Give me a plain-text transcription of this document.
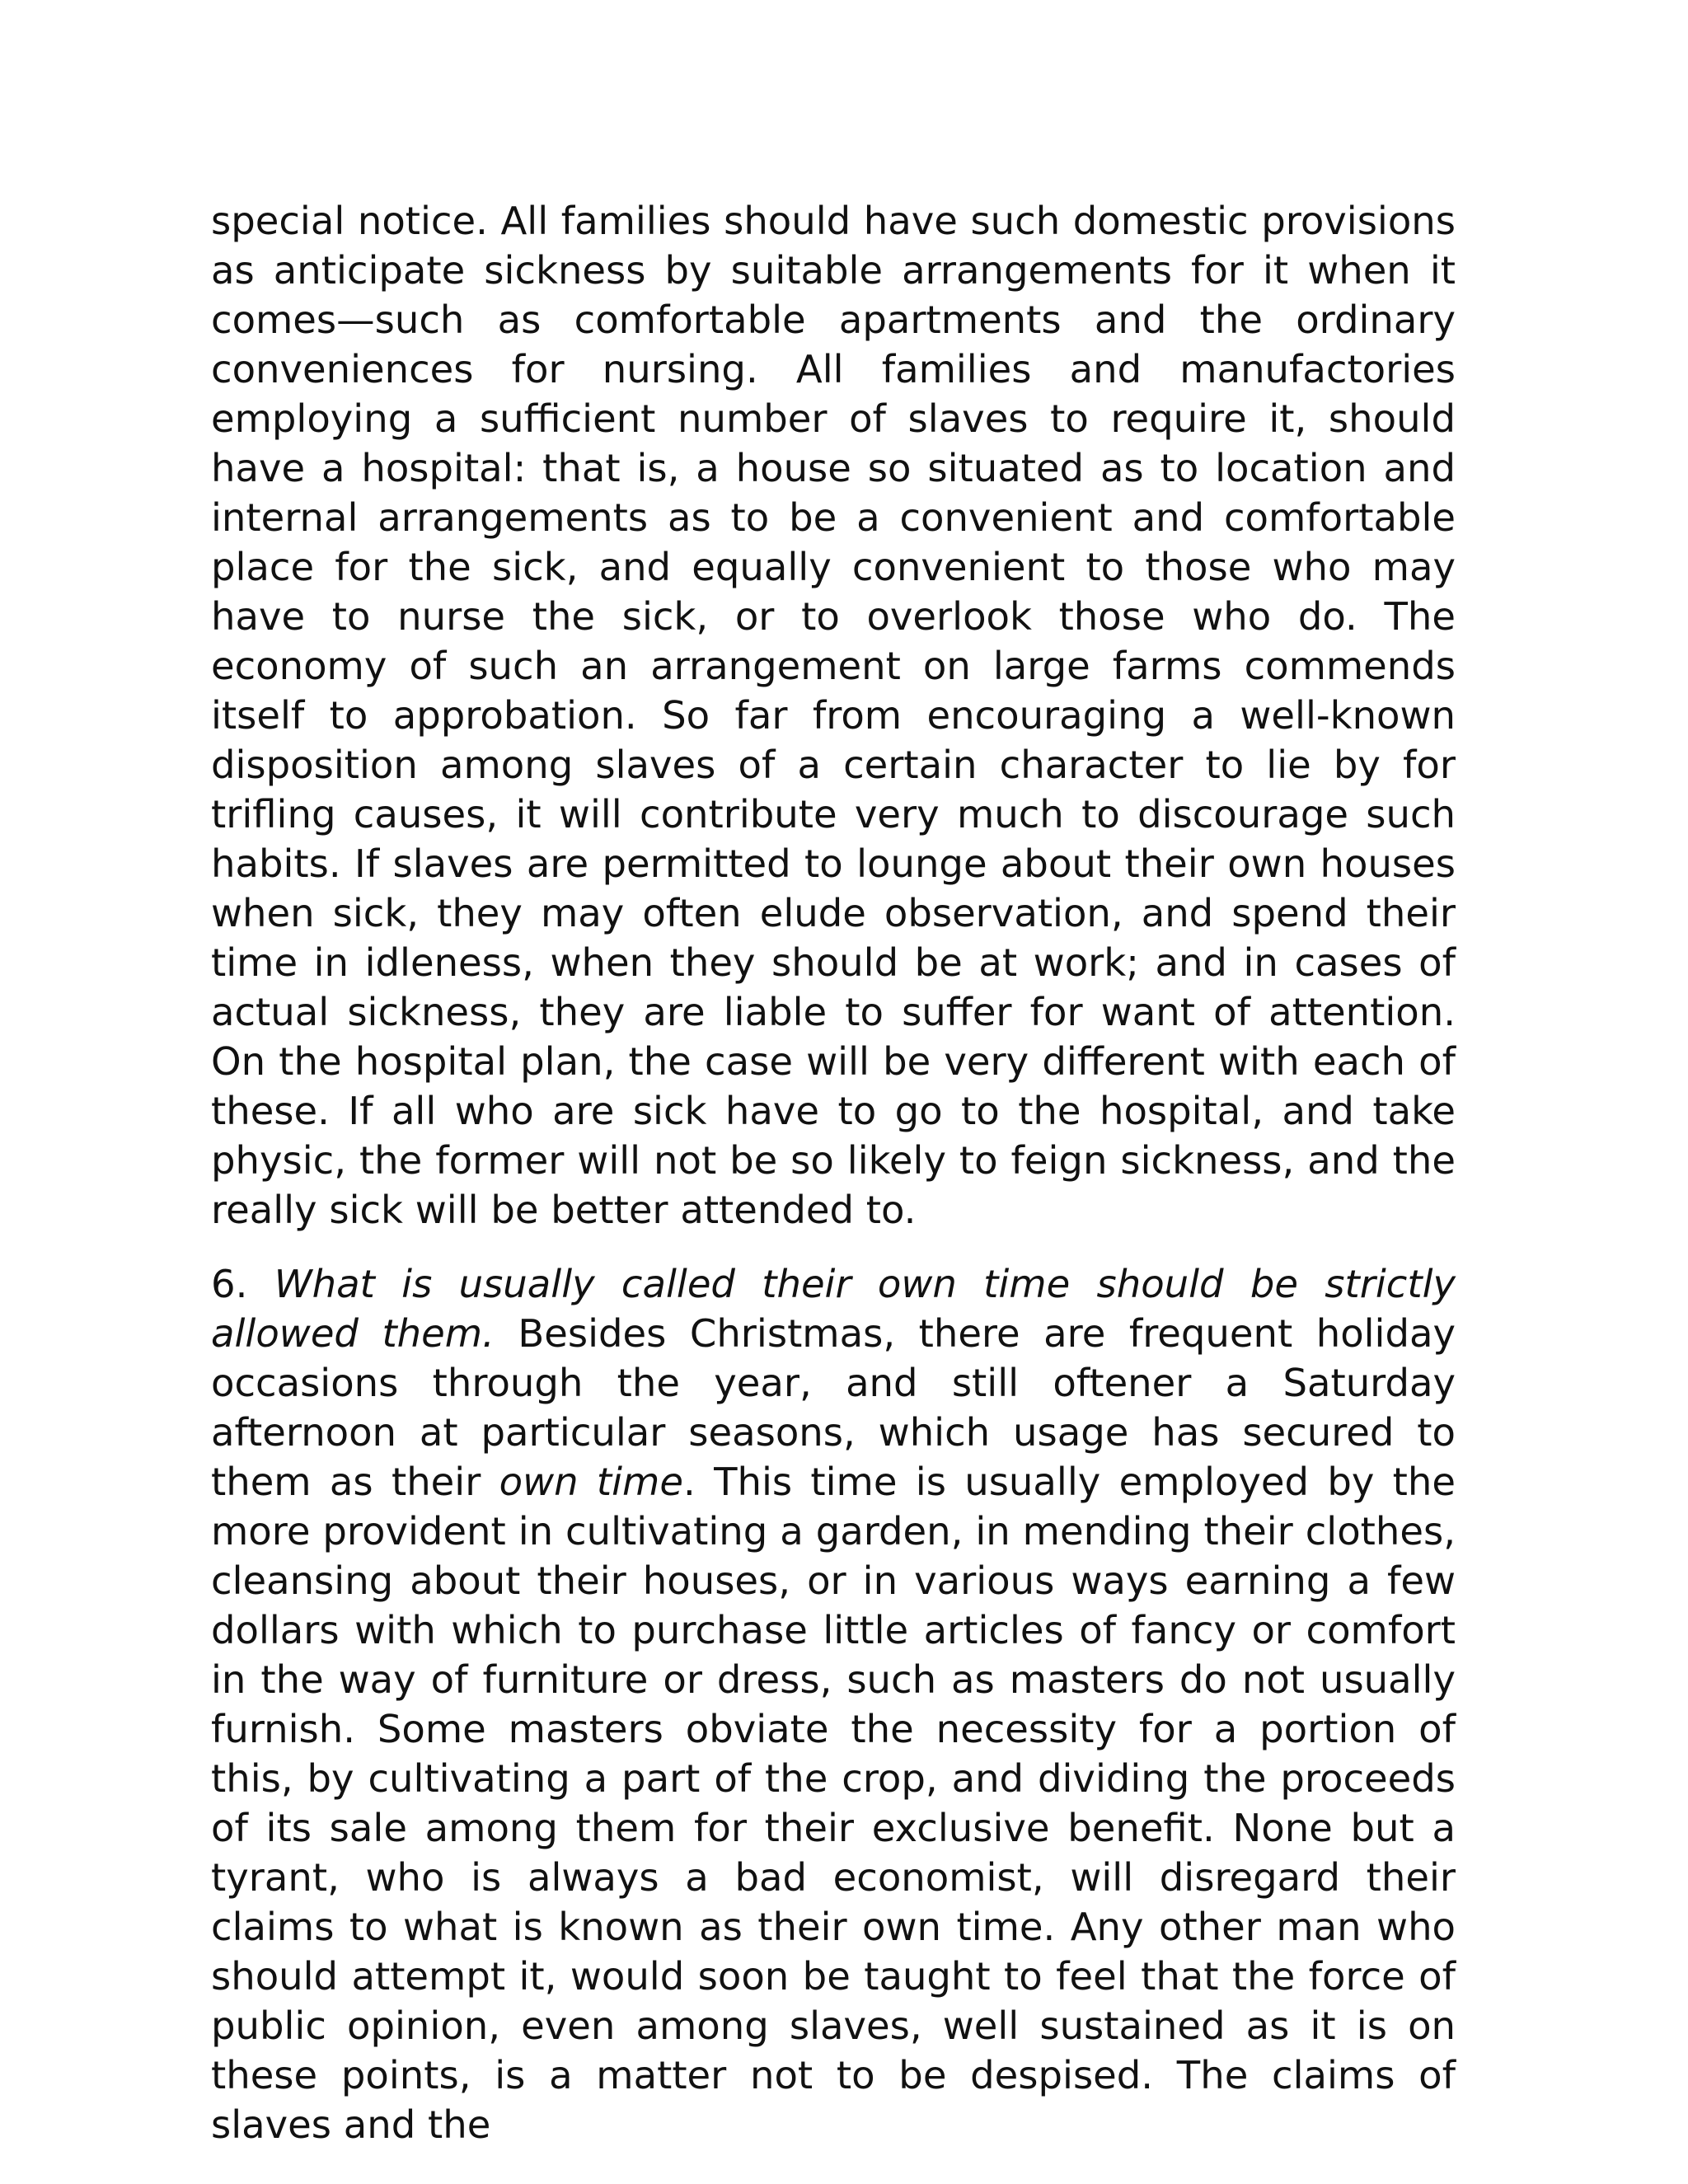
special notice. All families should have such domestic provisions as anticipate sickness by suitable arrangements for it when it comes—such as comfortable apartments and the ordinary conveniences for nursing. All families and manufactories employing a sufficient number of slaves to require it, should have a hospital: that is, a house so situated as to location and internal arrangements as to be a convenient and comfortable place for the sick, and equally convenient to those who may have to nurse the sick, or to overlook those who do. The economy of such an arrangement on large farms commends itself to approbation. So far from encouraging a well-known disposition among slaves of a certain character to lie by for trifling causes, it will contribute very much to discourage such habits. If slaves are permitted to lounge about their own houses when sick, they may often elude observation, and spend their time in idleness, when they should be at work; and in cases of actual sickness, they are liable to suffer for want of attention. On the hospital plan, the case will be very different with each of these. If all who are sick have to go to the hospital, and take physic, the former will not be so likely to feign sickness, and the really sick will be better attended to.

6. What is usually called their own time should be strictly allowed them. Besides Christmas, there are frequent holiday occasions through the year, and still oftener a Saturday afternoon at particular seasons, which usage has secured to them as their own time. This time is usually employed by the more provident in cultivating a garden, in mending their clothes, cleansing about their houses, or in various ways earning a few dollars with which to purchase little articles of fancy or comfort in the way of furniture or dress, such as masters do not usually furnish. Some masters obviate the necessity for a portion of this, by cultivating a part of the crop, and dividing the proceeds of its sale among them for their exclusive benefit. None but a tyrant, who is always a bad economist, will disregard their claims to what is known as their own time. Any other man who should attempt it, would soon be taught to feel that the force of public opinion, even among slaves, well sustained as it is on these points, is a matter not to be despised. The claims of slaves and the
